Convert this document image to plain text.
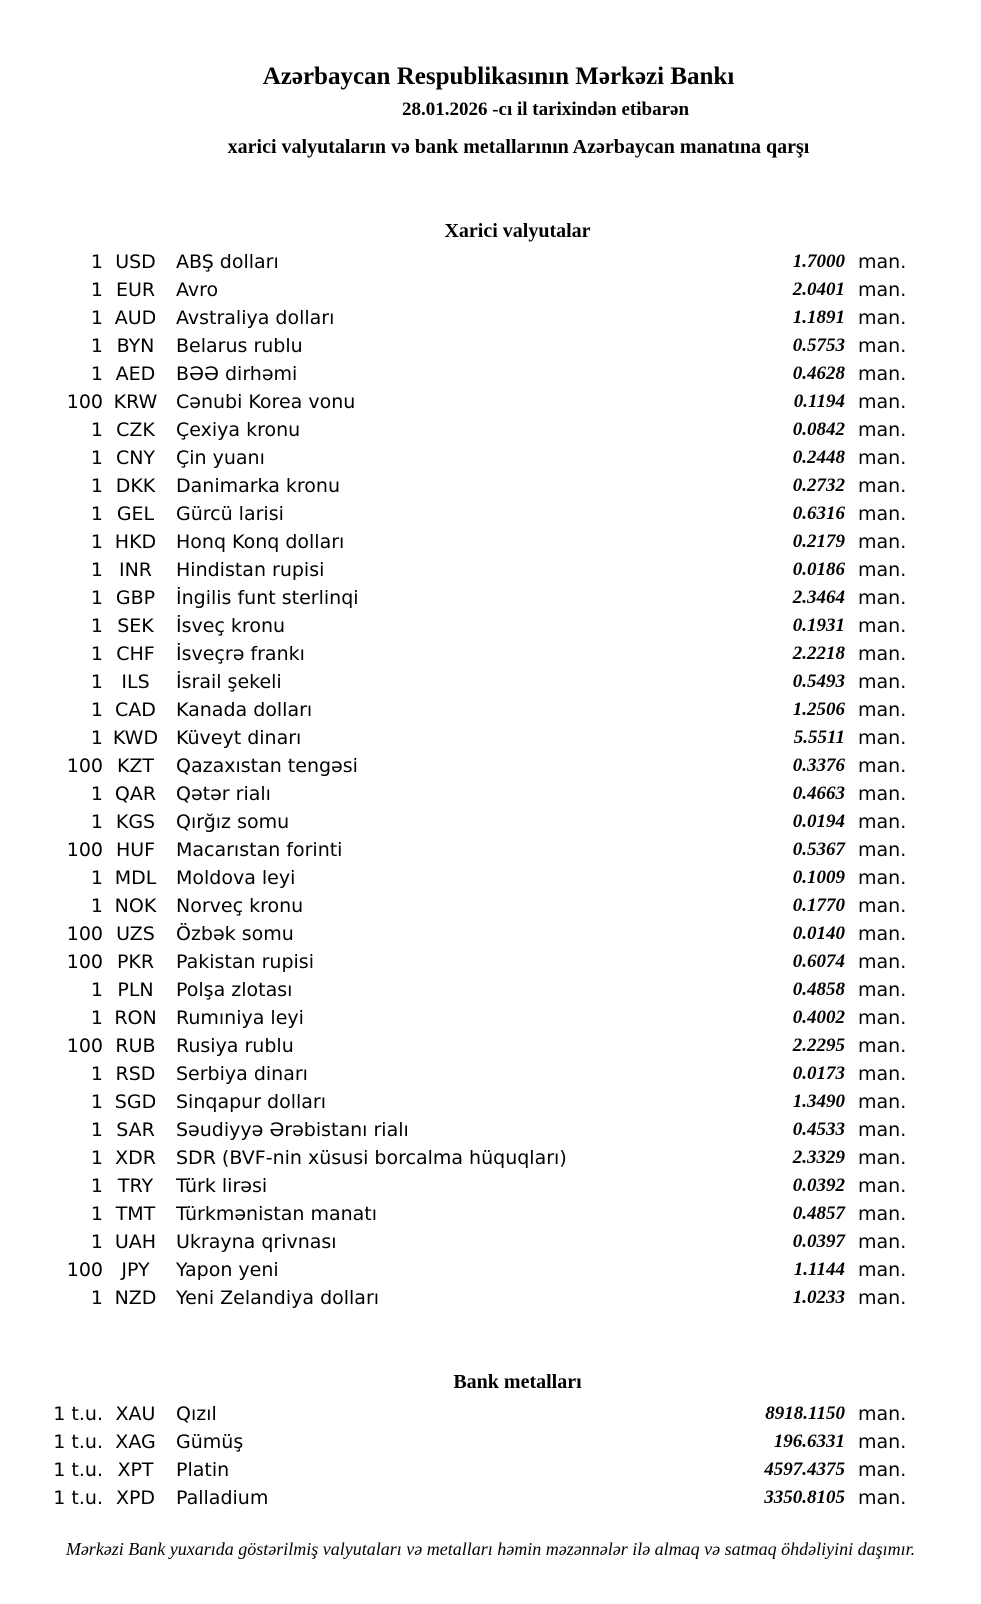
Azərbaycan Respublikasının Mərkəzi Bankı
28.01.2026 -cı il tarixindən etibarən
xarici valyutaların və bank metallarının Azərbaycan manatına qarşı
Xarici valyutalar
1 USD	ABŞ dolları	1.7000 man.
1 EUR	Avro	2.0401 man.
1 AUD	Avstraliya dolları	1.1891 man.
1 BYN	Belarus rublu	0.5753 man.
1 AED	BƏƏ dirhəmi	0.4628 man.
100 KRW Cənubi Korea vonu	0.1194 man.
1 CZK	Çexiya kronu	0.0842 man.
1 CNY	Çin yuanı	0.2448 man.
1 DKK	Danimarka kronu	0.2732 man.
1 GEL	Gürcü larisi	0.6316 man.
1 HKD	Honq Konq dolları	0.2179 man.
1 INR	Hindistan rupisi	0.0186 man.
1 GBP	İngilis funt sterlinqi	2.3464 man.
1 SEK	İsveç kronu	0.1931 man.
1 CHF	İsveçrə frankı	2.2218 man.
1 ILS	İsrail şekeli	0.5493 man.
1 CAD	Kanada dolları	1.2506 man.
1 KWD Küveyt dinarı	5.5511 man.
100 KZT	Qazaxıstan tengəsi	0.3376 man.
1 QAR	Qətər rialı	0.4663 man.
1 KGS	Qırğız somu	0.0194 man.
100 HUF	Macarıstan forinti	0.5367 man.
1 MDL	Moldova leyi	0.1009 man.
1 NOK	Norveç kronu	0.1770 man.
100 UZS	Özbək somu	0.0140 man.
100 PKR	Pakistan rupisi	0.6074 man.
1 PLN	Polşa zlotası	0.4858 man.
1 RON	Rumıniya leyi	0.4002 man.
100 RUB	Rusiya rublu	2.2295 man.
1 RSD	Serbiya dinarı	0.0173 man.
1 SGD	Sinqapur dolları	1.3490 man.
1 SAR	Səudiyyə Ərəbistanı rialı	0.4533 man.
1 XDR	SDR (BVF-nin xüsusi borcalma hüquqları)	2.3329 man.
1 TRY	Türk lirəsi	0.0392 man.
1 TMT	Türkmənistan manatı	0.4857 man.
1 UAH	Ukrayna qrivnası	0.0397 man.
100 JPY	Yapon yeni	1.1144 man.
1 NZD	Yeni Zelandiya dolları	1.0233 man.
Bank metalları
1 t.u. XAU	Qızıl	8918.1150 man.
1 t.u. XAG	Gümüş	196.6331 man.
1 t.u. XPT	Platin	4597.4375 man.
1 t.u. XPD	Palladium	3350.8105 man.
Mərkəzi Bank yuxarıda göstərilmiş valyutaları və metalları həmin məzənnələr ilə almaq və satmaq öhdəliyini daşımır.
